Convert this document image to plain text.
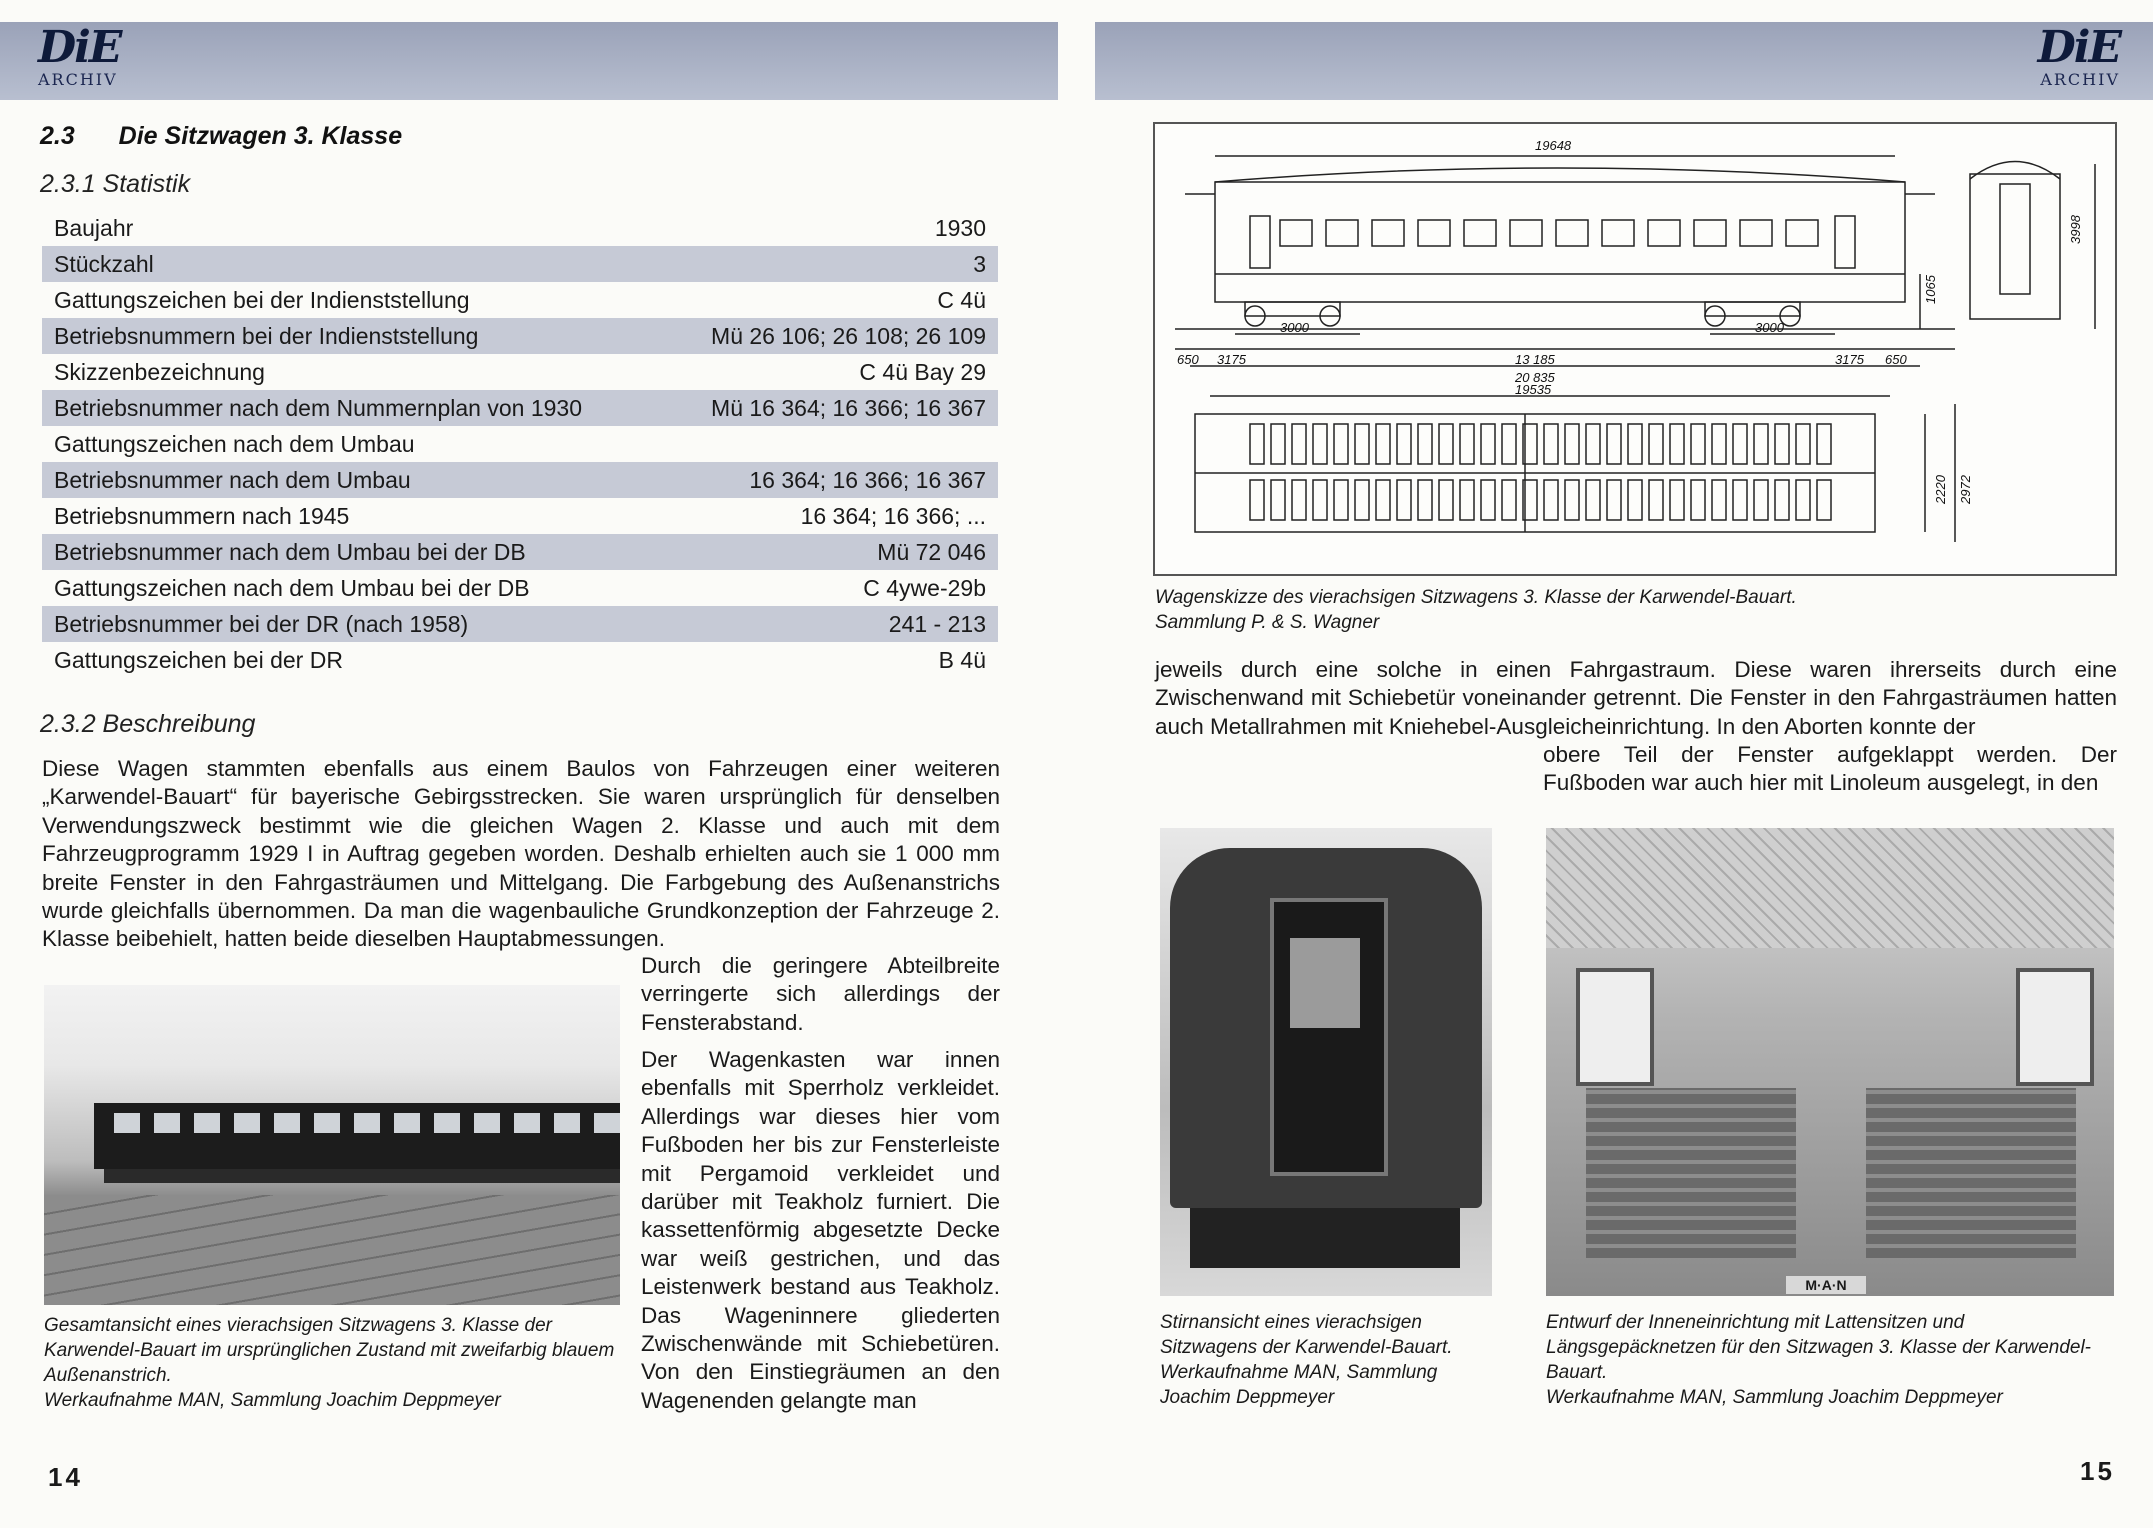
DiE
ARCHIV
DiE
ARCHIV
2.3 Die Sitzwagen 3. Klasse
2.3.1 Statistik
Baujahr	1930
Stückzahl	3
Gattungszeichen bei der Indienststellung	C 4ü
Betriebsnummern bei der Indienststellung	Mü 26 106; 26 108; 26 109
Skizzenbezeichnung	C 4ü Bay 29
Betriebsnummer nach dem Nummernplan von 1930	Mü 16 364; 16 366; 16 367
Gattungszeichen nach dem Umbau	
Betriebsnummer nach dem Umbau	16 364; 16 366; 16 367
Betriebsnummern nach 1945	16 364; 16 366; ...
Betriebsnummer nach dem Umbau bei der DB	Mü 72 046
Gattungszeichen nach dem Umbau bei der DB	C 4ywe-29b
Betriebsnummer bei der DR (nach 1958)	241 - 213
Gattungszeichen bei der DR	B 4ü
2.3.2 Beschreibung
Diese Wagen stammten ebenfalls aus einem Baulos von Fahrzeugen einer weiteren „Karwendel-Bauart“ für bayerische Gebirgsstrecken. Sie waren ursprünglich für denselben Verwendungszweck bestimmt wie die gleichen Wagen 2. Klasse und auch mit dem Fahrzeugprogramm 1929 I in Auftrag gegeben worden. Deshalb erhielten auch sie 1 000 mm breite Fenster in den Fahrgasträumen und Mittelgang. Die Farbgebung des Außenanstrichs wurde gleichfalls übernommen. Da man die wagenbauliche Grundkonzeption der Fahrzeuge 2. Klasse beibehielt, hatten beide dieselben Hauptabmessungen.
Durch die geringere Abteilbreite verringerte sich allerdings der Fensterabstand.
Der Wagenkasten war innen ebenfalls mit Sperrholz verkleidet. Allerdings war dieses hier vom Fußboden her bis zur Fensterleiste mit Pergamoid verkleidet und darüber mit Teakholz furniert. Die kassettenförmig abgesetzte Decke war weiß gestrichen, und das Leistenwerk bestand aus Teakholz. Das Wageninnere gliederten Zwischenwände mit Schiebetüren. Von den Einstiegräumen an den Wagenenden gelangte man
Gesamtansicht eines vierachsigen Sitzwagens 3. Klasse der Karwendel-Bauart im ursprünglichen Zustand mit zweifarbig blauem Außenanstrich.
Werkaufnahme MAN, Sammlung Joachim Deppmeyer
14
19648
3998
1065
3000	3000
650 3175	13 185	3175 650
20 835
19535
2220 2972
Wagenskizze des vierachsigen Sitzwagens 3. Klasse der Karwendel-Bauart.
Sammlung P. & S. Wagner
jeweils durch eine solche in einen Fahrgastraum. Diese waren ihrerseits durch eine Zwischenwand mit Schiebetür voneinander getrennt. Die Fenster in den Fahrgasträumen hatten auch Metallrahmen mit Kniehebel-Ausgleicheinrichtung. In den Aborten konnte der
obere Teil der Fenster aufgeklappt werden. Der Fußboden war auch hier mit Linoleum ausgelegt, in den
M·A·N
Stirnansicht eines vierachsigen Sitzwagens der Karwendel-Bauart.
Werkaufnahme MAN, Sammlung Joachim Deppmeyer
Entwurf der Inneneinrichtung mit Lattensitzen und Längsgepäcknetzen für den Sitzwagen 3. Klasse der Karwendel-Bauart.
Werkaufnahme MAN, Sammlung Joachim Deppmeyer
15
